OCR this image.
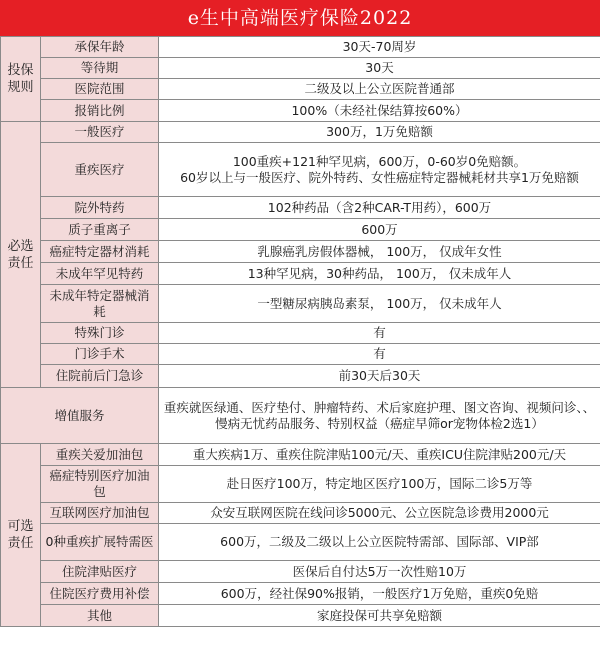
e生中高端医疗保险2022
投保规则	承保年龄	30天-70周岁
	等待期	30天
	医院范围	二级及以上公立医院普通部
	报销比例	100%（未经社保结算按60%）
必选责任	一般医疗	300万，1万免赔额
	重疾医疗	100重疾+121种罕见病，600万，0-60岁0免赔额。
60岁以上与一般医疗、院外特药、女性癌症特定器械耗材共享1万免赔额
	院外特药	102种药品（含2种CAR-T用药），600万
	质子重离子	600万
	癌症特定器材消耗	乳腺癌乳房假体器械， 100万， 仅成年女性
	未成年罕见特药	13种罕见病，30种药品， 100万， 仅未成年人
	未成年特定器械消耗	一型糖尿病胰岛素泵， 100万， 仅未成年人
	特殊门诊	有
	门诊手术	有
	住院前后门急诊	前30天后30天
增值服务		重疾就医绿通、医疗垫付、肿瘤特药、术后家庭护理、图文咨询、视频问诊、、慢病无忧药品服务、特别权益（癌症早筛or宠物体检2选1）
可选责任	重疾关爱加油包	重大疾病1万、重疾住院津贴100元/天、重疾ICU住院津贴200元/天
	癌症特别医疗加油包	赴日医疗100万，特定地区医疗100万，国际二诊5万等
	互联网医疗加油包	众安互联网医院在线问诊5000元、公立医院急诊费用2000元
	0种重疾扩展特需医	600万，二级及二级以上公立医院特需部、国际部、VIP部
	住院津贴医疗	医保后自付达5万一次性赔10万
	住院医疗费用补偿	600万，经社保90%报销，一般医疗1万免赔，重疾0免赔
	其他	家庭投保可共享免赔额
